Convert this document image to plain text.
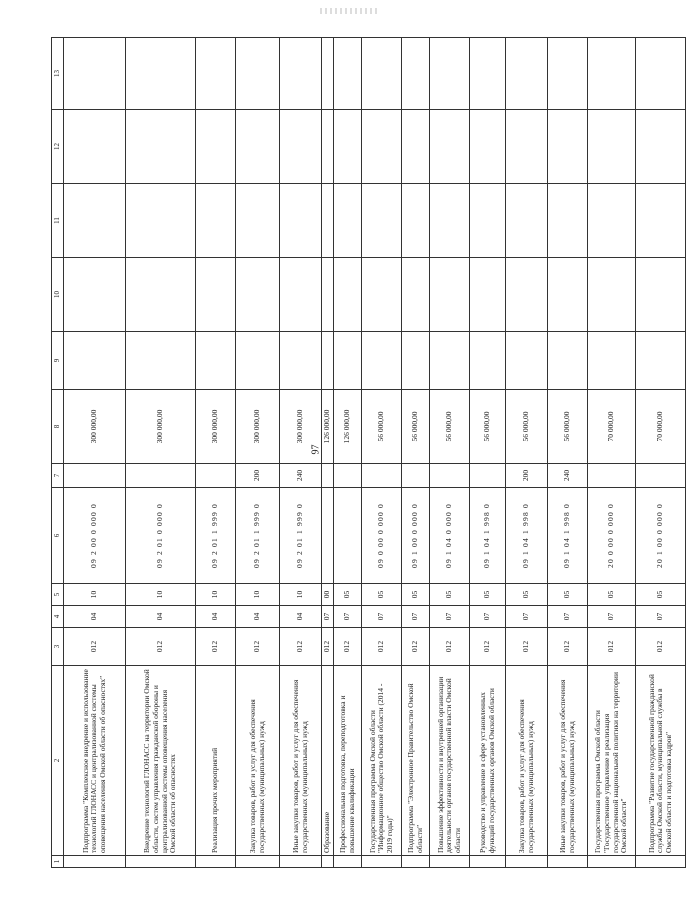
97
1	2	3	4	5	6	7	8	9	10	11	12	13
	Подпрограмма "Комплексное внедрение и использование технологий ГЛОНАСС и централизованной системы оповещения населения Омской области об опасностях"	012	04	10	09 2 00 0 000 0		300 000,00					
	Внедрение технологий ГЛОНАСС на территории Омской области, систем управления гражданской обороны и централизованной системы оповещения населения Омской области об опасностях	012	04	10	09 2 01 0 000 0		300 000,00					
	Реализация прочих мероприятий	012	04	10	09 2 01 1 999 0		300 000,00					
	Закупка товаров, работ и услуг для обеспечения государственных (муниципальных) нужд	012	04	10	09 2 01 1 999 0	200	300 000,00					
	Иные закупки товаров, работ и услуг для обеспечения государственных (муниципальных) нужд	012	04	10	09 2 01 1 999 0	240	300 000,00					
	Образование	012	07	00			126 000,00					
	Профессиональная подготовка, переподготовка и повышение квалификации	012	07	05			126 000,00					
	Государственная программа Омской области "Информационное общество Омской области (2014 - 2019 годы)"	012	07	05	09 0 00 0 000 0		56 000,00					
	Подпрограмма "Электронное Правительство Омской области"	012	07	05	09 1 00 0 000 0		56 000,00					
	Повышение эффективности и внутренней организации деятельности органов государственной власти Омской области	012	07	05	09 1 04 0 000 0		56 000,00					
	Руководство и управление в сфере установленных функций государственных органов Омской области	012	07	05	09 1 04 1 998 0		56 000,00					
	Закупка товаров, работ и услуг для обеспечения государственных (муниципальных) нужд	012	07	05	09 1 04 1 998 0	200	56 000,00					
	Иные закупки товаров, работ и услуг для обеспечения государственных (муниципальных) нужд	012	07	05	09 1 04 1 998 0	240	56 000,00					
	Государственная программа Омской области "Государственное управление и реализация государственной национальной политики на территории Омской области"	012	07	05	20 0 00 0 000 0		70 000,00					
	Подпрограмма "Развитие государственной гражданской службы Омской области, муниципальной службы в Омской области и подготовка кадров"	012	07	05	20 1 00 0 000 0		70 000,00					
